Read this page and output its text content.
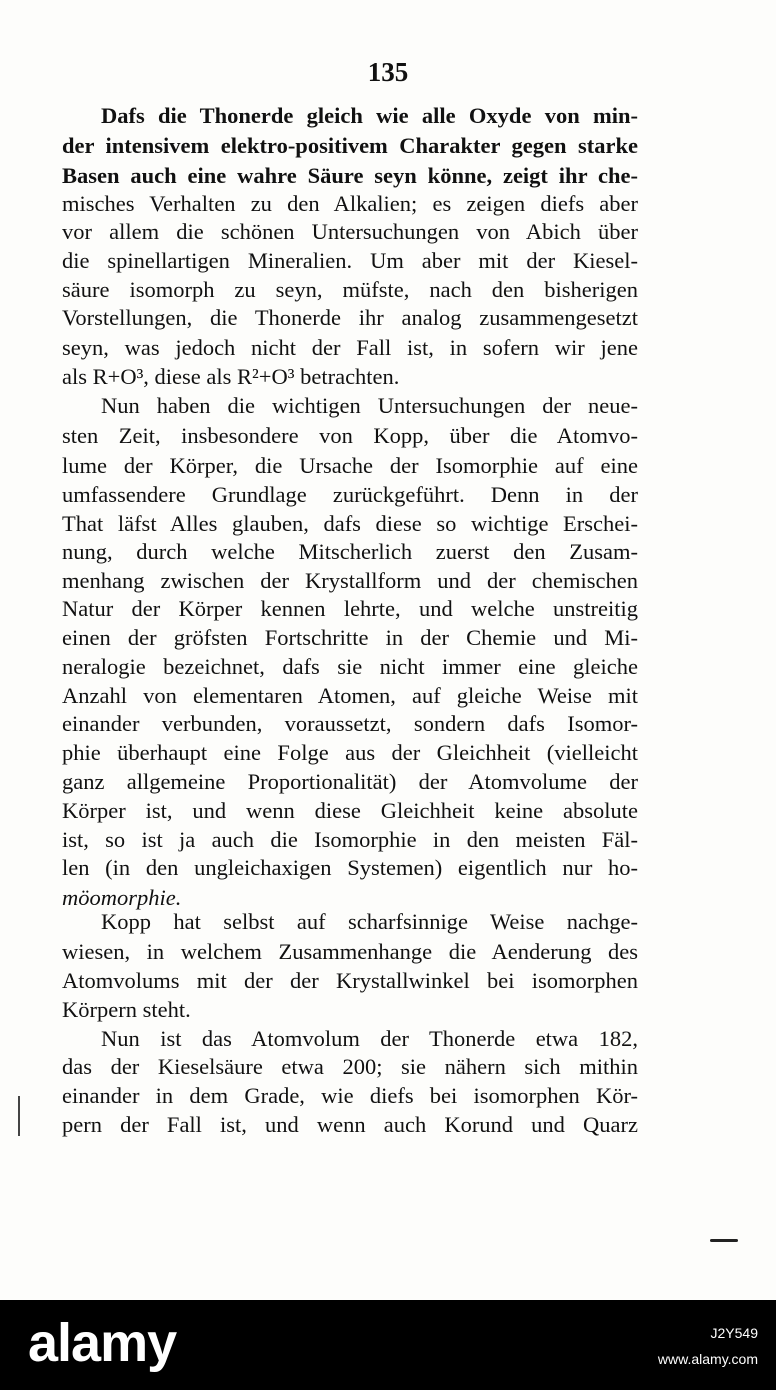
135
Dafs die Thonerde gleich wie alle Oxyde von min-
der intensivem elektro-positivem Charakter gegen starke
Basen auch eine wahre Säure seyn könne, zeigt ihr che-
misches Verhalten zu den Alkalien; es zeigen diefs aber
vor allem die schönen Untersuchungen von Abich über
die spinellartigen Mineralien. Um aber mit der Kiesel-
säure isomorph zu seyn, müfste, nach den bisherigen
Vorstellungen, die Thonerde ihr analog zusammengesetzt
seyn, was jedoch nicht der Fall ist, in sofern wir jene
als R+O³, diese als R²+O³ betrachten.
Nun haben die wichtigen Untersuchungen der neue-
sten Zeit, insbesondere von Kopp, über die Atomvo-
lume der Körper, die Ursache der Isomorphie auf eine
umfassendere Grundlage zurückgeführt. Denn in der
That läfst Alles glauben, dafs diese so wichtige Erschei-
nung, durch welche Mitscherlich zuerst den Zusam-
menhang zwischen der Krystallform und der chemischen
Natur der Körper kennen lehrte, und welche unstreitig
einen der gröfsten Fortschritte in der Chemie und Mi-
neralogie bezeichnet, dafs sie nicht immer eine gleiche
Anzahl von elementaren Atomen, auf gleiche Weise mit
einander verbunden, voraussetzt, sondern dafs Isomor-
phie überhaupt eine Folge aus der Gleichheit (vielleicht
ganz allgemeine Proportionalität) der Atomvolume der
Körper ist, und wenn diese Gleichheit keine absolute
ist, so ist ja auch die Isomorphie in den meisten Fäl-
len (in den ungleichaxigen Systemen) eigentlich nur ho-
möomorphie.
Kopp hat selbst auf scharfsinnige Weise nachge-
wiesen, in welchem Zusammenhange die Aenderung des
Atomvolums mit der der Krystallwinkel bei isomorphen
Körpern steht.
Nun ist das Atomvolum der Thonerde etwa 182,
das der Kieselsäure etwa 200; sie nähern sich mithin
einander in dem Grade, wie diefs bei isomorphen Kör-
pern der Fall ist, und wenn auch Korund und Quarz
alamy	J2Y549
www.alamy.com
